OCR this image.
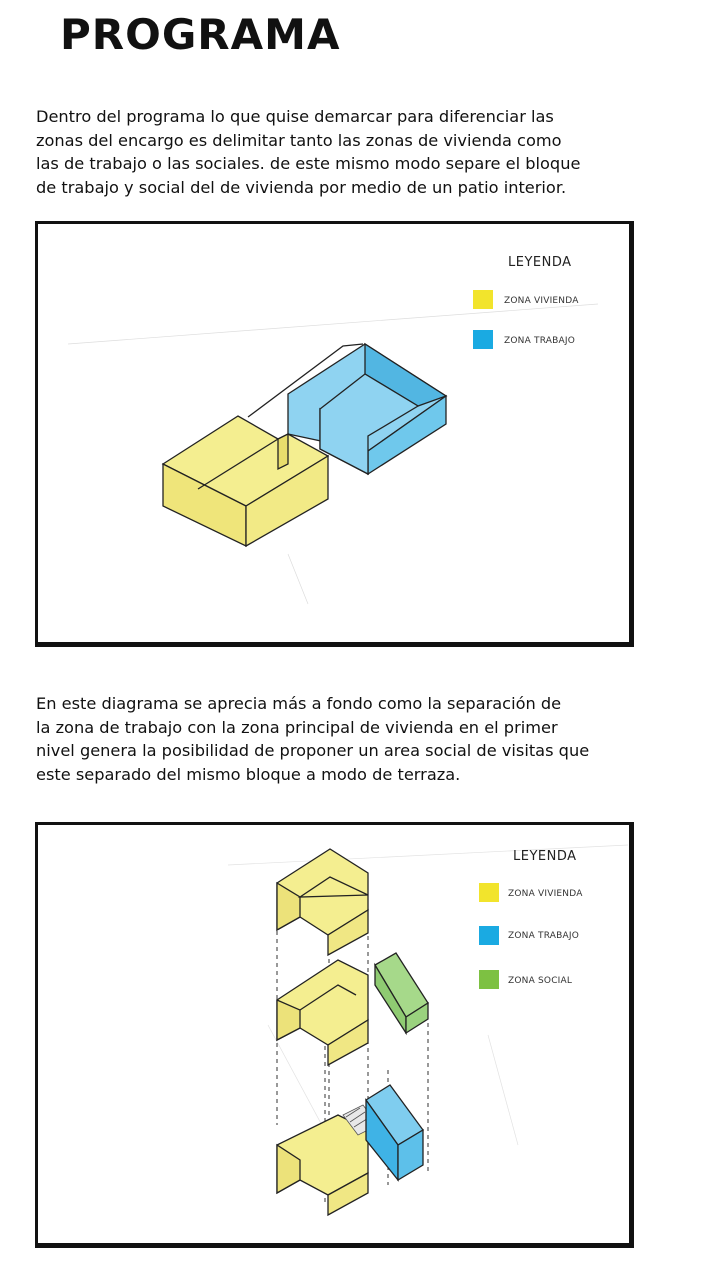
PROGRAMA

Dentro del programa lo que quise demarcar para diferenciar las
zonas del encargo es delimitar tanto las zonas de vivienda como
las de trabajo o las sociales. de este mismo modo separe el bloque
de trabajo y social del de vivienda por medio de un patio interior.

LEYENDA
ZONA VIVIENDA
ZONA TRABAJO

En este diagrama se aprecia más a fondo como la separación de
la zona de trabajo con la zona principal de vivienda en el primer
nivel genera la posibilidad de proponer un area social de visitas que
este separado del mismo bloque a modo de terraza.

LEYENDA
ZONA VIVIENDA
ZONA TRABAJO
ZONA SOCIAL
